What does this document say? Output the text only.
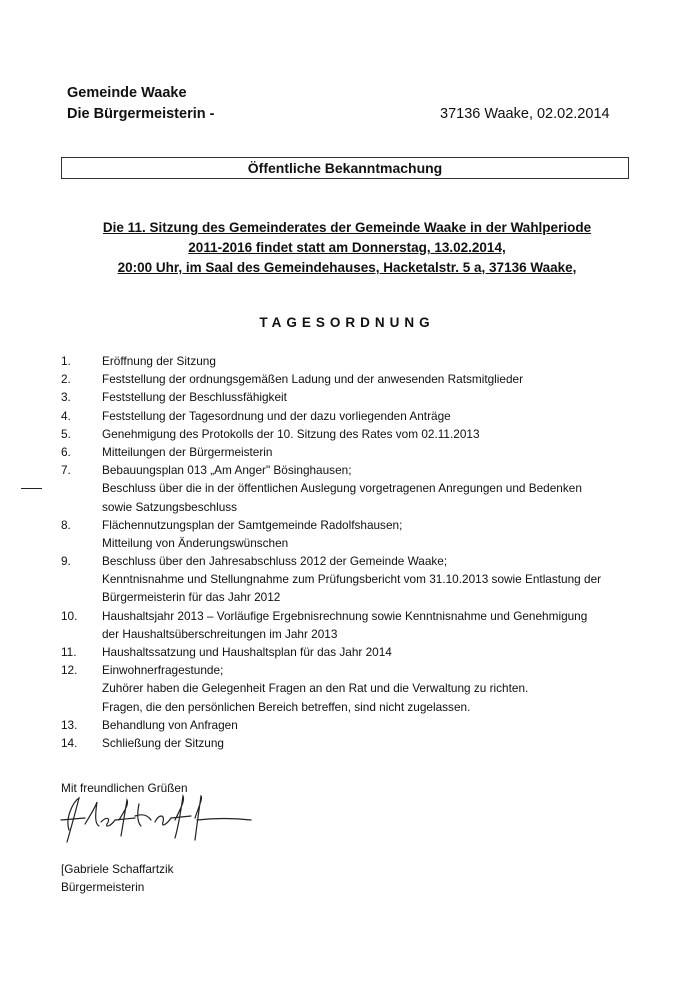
Gemeinde Waake
Die Bürgermeisterin -	37136 Waake, 02.02.2014
Öffentliche Bekanntmachung
Die 11. Sitzung des Gemeinderates der Gemeinde Waake in der Wahlperiode
2011-2016 findet statt am Donnerstag, 13.02.2014,
20:00 Uhr, im Saal des Gemeindehauses, Hacketalstr. 5 a, 37136 Waake,
TAGESORDNUNG
1.	Eröffnung der Sitzung
2.	Feststellung der ordnungsgemäßen Ladung und der anwesenden Ratsmitglieder
3.	Feststellung der Beschlussfähigkeit
4.	Feststellung der Tagesordnung und der dazu vorliegenden Anträge
5.	Genehmigung des Protokolls der 10. Sitzung des Rates vom 02.11.2013
6.	Mitteilungen der Bürgermeisterin
7.	Bebauungsplan 013 „Am Anger" Bösinghausen;
Beschluss über die in der öffentlichen Auslegung vorgetragenen Anregungen und Bedenken
sowie Satzungsbeschluss
8.	Flächennutzungsplan der Samtgemeinde Radolfshausen;
Mitteilung von Änderungswünschen
9.	Beschluss über den Jahresabschluss 2012 der Gemeinde Waake;
Kenntnisnahme und Stellungnahme zum Prüfungsbericht vom 31.10.2013 sowie Entlastung der
Bürgermeisterin für das Jahr 2012
10. Haushaltsjahr 2013 – Vorläufige Ergebnisrechnung sowie Kenntnisnahme und Genehmigung
der Haushaltsüberschreitungen im Jahr 2013
11. Haushaltssatzung und Haushaltsplan für das Jahr 2014
12. Einwohnerfragestunde;
Zuhörer haben die Gelegenheit Fragen an den Rat und die Verwaltung zu richten.
Fragen, die den persönlichen Bereich betreffen, sind nicht zugelassen.
13. Behandlung von Anfragen
14. Schließung der Sitzung
Mit freundlichen Grüßen
[Gabriele Schaffartzik
Bürgermeisterin
